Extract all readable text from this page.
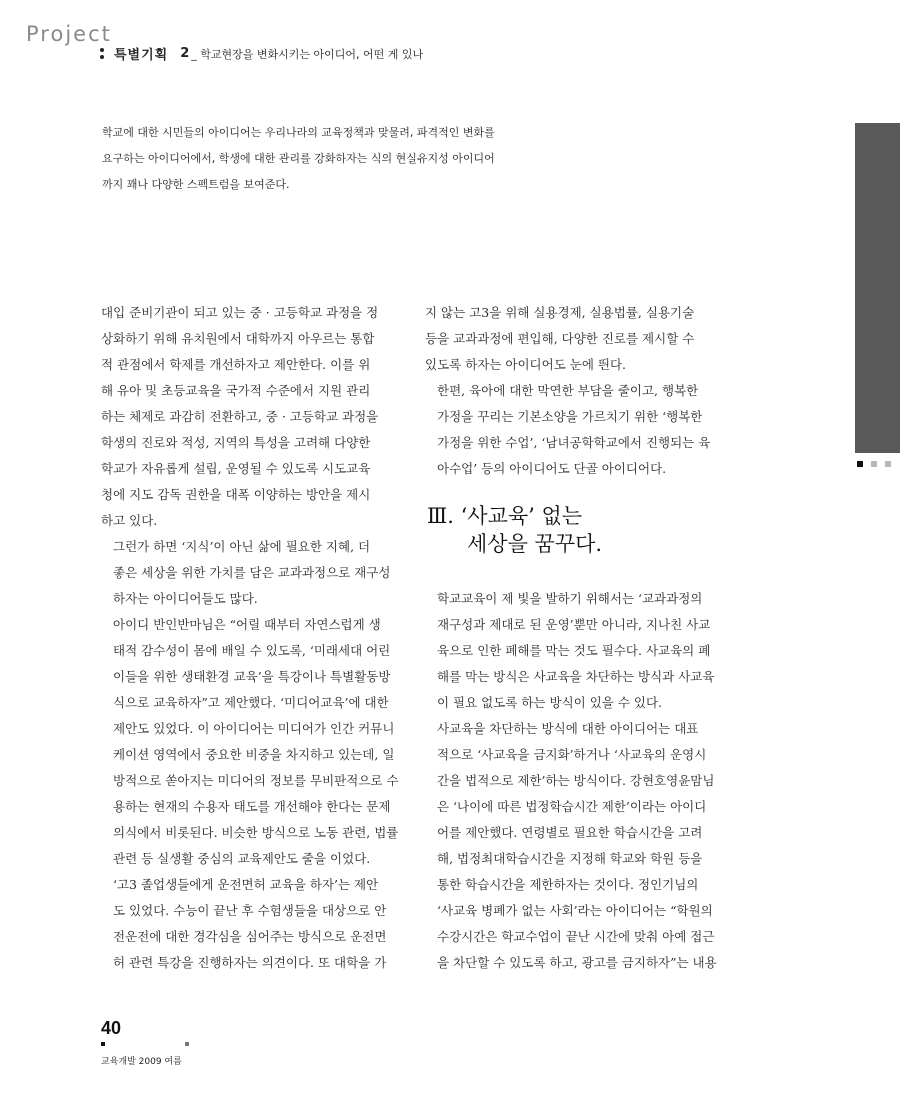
Project
특별기획 2 _ 학교현장을 변화시키는 아이디어, 어떤 게 있나

학교에 대한 시민들의 아이디어는 우리나라의 교육정책과 맞물려, 파격적인 변화를

요구하는 아이디어에서, 학생에 대한 관리를 강화하자는 식의 현실유지성 아이디어

까지 꽤나 다양한 스펙트럼을 보여준다.

대입 준비기관이 되고 있는 중 · 고등학교 과정을 정
상화하기 위해 유치원에서 대학까지 아우르는 통합
적 관점에서 학제를 개선하자고 제안한다. 이를 위
해 유아 및 초등교육을 국가적 수준에서 지원 관리
하는 체제로 과감히 전환하고, 중 · 고등학교 과정을
학생의 진로와 적성, 지역의 특성을 고려해 다양한
학교가 자유롭게 설립, 운영될 수 있도록 시도교육
청에 지도 감독 권한을 대폭 이양하는 방안을 제시
하고 있다.

그런가 하면 ‘지식’이 아닌 삶에 필요한 지혜, 더
좋은 세상을 위한 가치를 담은 교과과정으로 재구성
하자는 아이디어들도 많다.

아이디 반인반마님은 “어릴 때부터 자연스럽게 생
태적 감수성이 몸에 배일 수 있도록, ‘미래세대 어린
이들을 위한 생태환경 교육’을 특강이나 특별활동방
식으로 교육하자”고 제안했다. ‘미디어교육’에 대한
제안도 있었다. 이 아이디어는 미디어가 인간 커뮤니
케이션 영역에서 중요한 비중을 차지하고 있는데, 일
방적으로 쏟아지는 미디어의 정보를 무비판적으로 수
용하는 현재의 수용자 태도를 개선해야 한다는 문제
의식에서 비롯된다. 비슷한 방식으로 노동 관련, 법률
관련 등 실생활 중심의 교육제안도 줄을 이었다.

‘고3 졸업생들에게 운전면허 교육을 하자’는 제안
도 있었다. 수능이 끝난 후 수험생들을 대상으로 안
전운전에 대한 경각심을 심어주는 방식으로 운전면
허 관련 특강을 진행하자는 의견이다. 또 대학을 가

지 않는 고3을 위해 실용경제, 실용법률, 실용기술
등을 교과과정에 편입해, 다양한 진로를 제시할 수
있도록 하자는 아이디어도 눈에 띈다.

한편, 육아에 대한 막연한 부담을 줄이고, 행복한
가정을 꾸리는 기본소양을 가르치기 위한 ‘행복한
가정을 위한 수업’, ‘남녀공학학교에서 진행되는 육
아수업’ 등의 아이디어도 단골 아이디어다.

Ⅲ. ‘사교육’ 없는
세상을 꿈꾸다.

학교교육이 제 빛을 발하기 위해서는 ‘교과과정의
재구성과 제대로 된 운영’뿐만 아니라, 지나친 사교
육으로 인한 폐해를 막는 것도 필수다. 사교육의 폐
해를 막는 방식은 사교육을 차단하는 방식과 사교육
이 필요 없도록 하는 방식이 있을 수 있다.

사교육을 차단하는 방식에 대한 아이디어는 대표
적으로 ‘사교육을 금지화’하거나 ‘사교육의 운영시
간을 법적으로 제한’하는 방식이다. 강현호영윤맘님
은 ‘나이에 따른 법정학습시간 제한’이라는 아이디
어를 제안했다. 연령별로 필요한 학습시간을 고려
해, 법정최대학습시간을 지정해 학교와 학원 등을
통한 학습시간을 제한하자는 것이다. 정인기님의
‘사교육 병폐가 없는 사회’라는 아이디어는 “학원의
수강시간은 학교수업이 끝난 시간에 맞춰 아예 접근
을 차단할 수 있도록 하고, 광고를 금지하자”는 내용

40
교육개발 2009 여름
